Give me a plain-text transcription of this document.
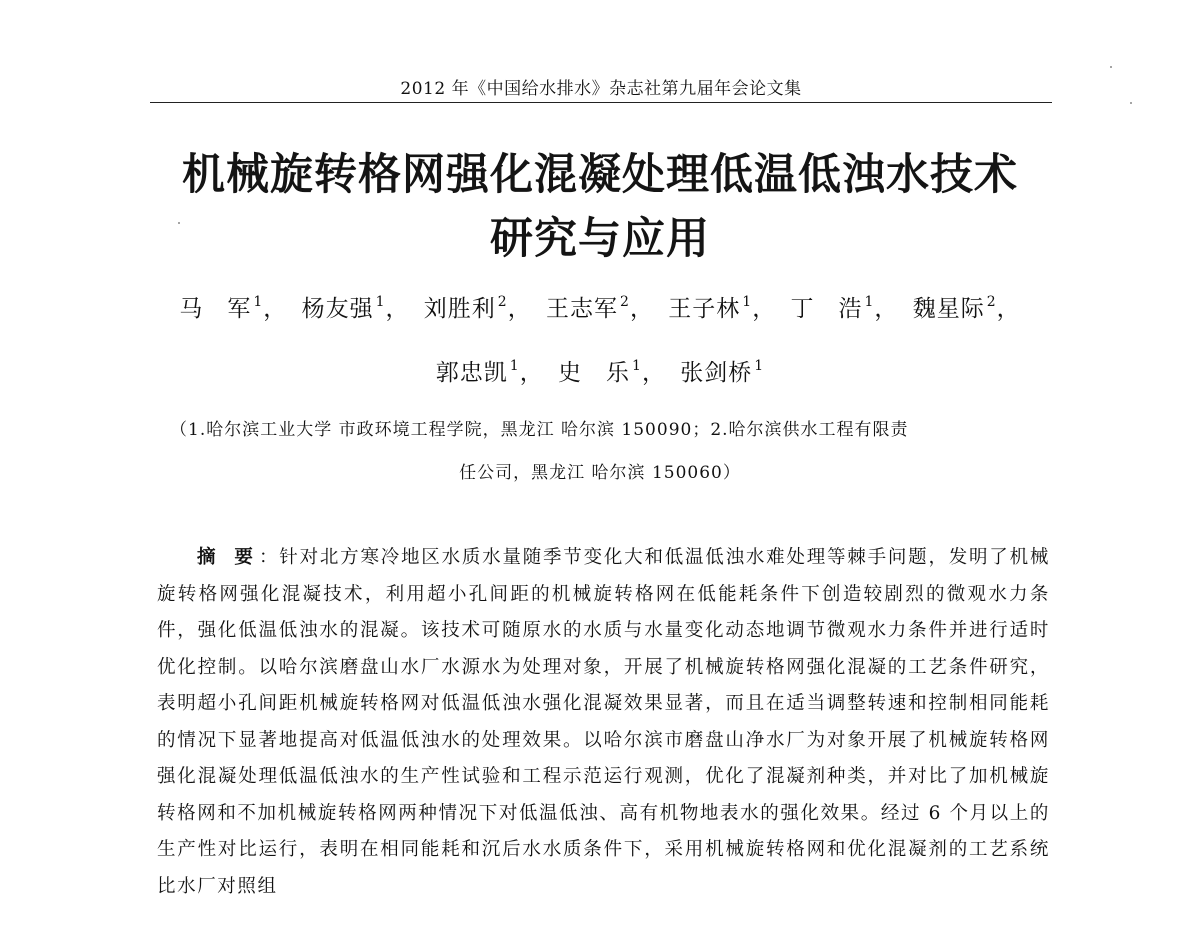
2012 年《中国给水排水》杂志社第九届年会论文集
机械旋转格网强化混凝处理低温低浊水技术
研究与应用
马　军 $^1$， 杨友强 $^1$， 刘胜利 $^2$， 王志军 $^2$， 王子林 $^1$， 丁　浩 $^1$， 魏星际 $^2$，
郭忠凯 $^1$， 史　乐 $^1$， 张剑桥 $^1$
（1.哈尔滨工业大学 市政环境工程学院，黑龙江 哈尔滨 150090；2.哈尔滨供水工程有限责
任公司，黑龙江 哈尔滨 150060）
摘 要：针对北方寒冷地区水质水量随季节变化大和低温低浊水难处理等棘手问题，发明了机械旋转格网强化混凝技术，利用超小孔间距的机械旋转格网在低能耗条件下创造较剧烈的微观水力条件，强化低温低浊水的混凝。该技术可随原水的水质与水量变化动态地调节微观水力条件并进行适时优化控制。以哈尔滨磨盘山水厂水源水为处理对象，开展了机械旋转格网强化混凝的工艺条件研究，表明超小孔间距机械旋转格网对低温低浊水强化混凝效果显著，而且在适当调整转速和控制相同能耗的情况下显著地提高对低温低浊水的处理效果。以哈尔滨市磨盘山净水厂为对象开展了机械旋转格网强化混凝处理低温低浊水的生产性试验和工程示范运行观测，优化了混凝剂种类，并对比了加机械旋转格网和不加机械旋转格网两种情况下对低温低浊、高有机物地表水的强化效果。经过 6 个月以上的生产性对比运行，表明在相同能耗和沉后水水质条件下，采用机械旋转格网和优化混凝剂的工艺系统比水厂对照组
